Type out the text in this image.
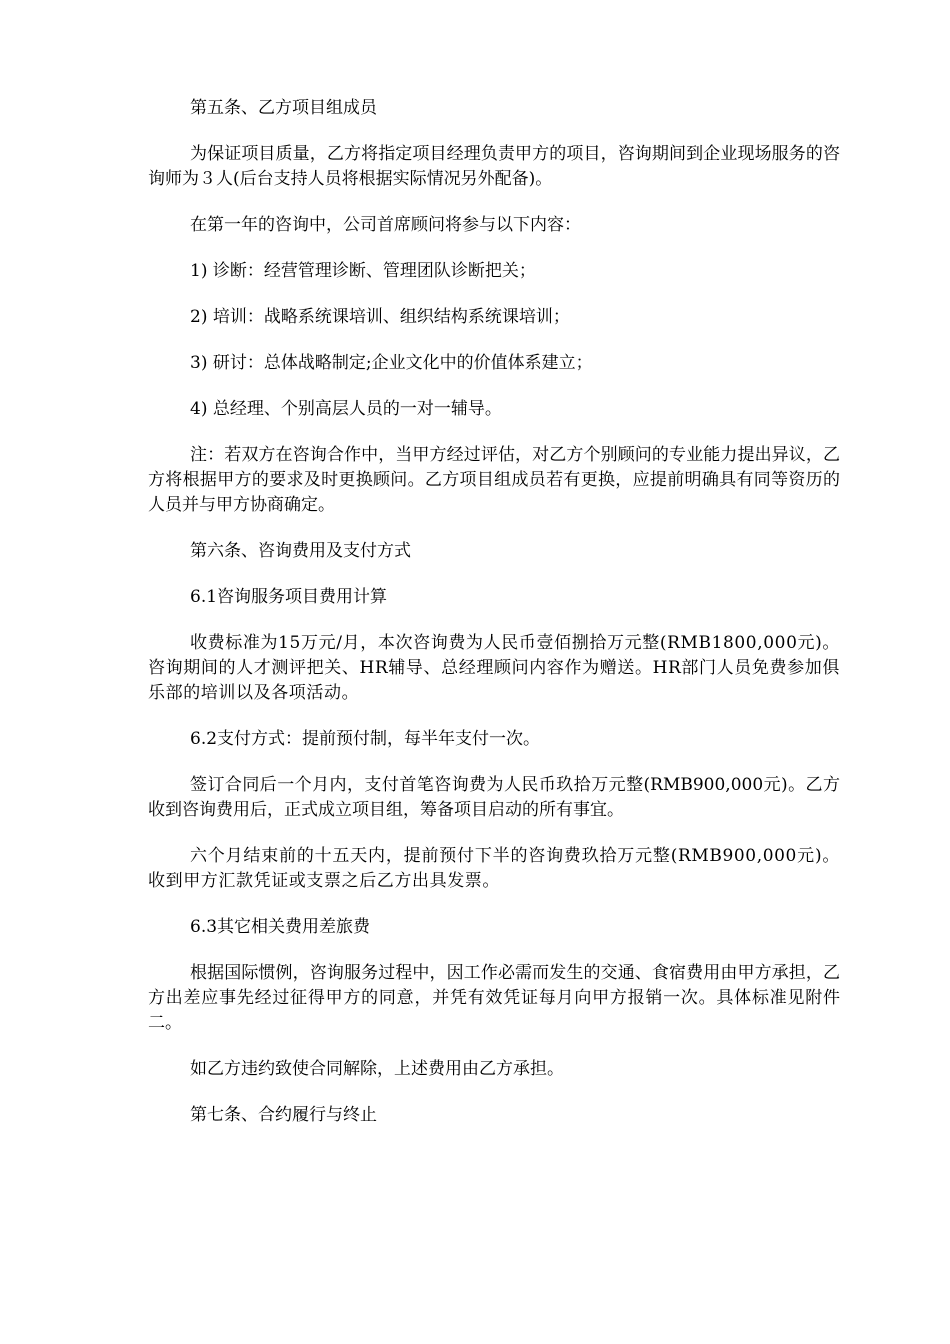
第五条、乙方项目组成员

为保证项目质量，乙方将指定项目经理负责甲方的项目，咨询期间到企业现场服务的咨询师为３人(后台支持人员将根据实际情况另外配备)。

在第一年的咨询中，公司首席顾问将参与以下内容：

1) 诊断：经营管理诊断、管理团队诊断把关；

2) 培训：战略系统课培训、组织结构系统课培训；

3) 研讨：总体战略制定;企业文化中的价值体系建立；

4) 总经理、个别高层人员的一对一辅导。

注：若双方在咨询合作中，当甲方经过评估，对乙方个别顾问的专业能力提出异议，乙方将根据甲方的要求及时更换顾问。乙方项目组成员若有更换，应提前明确具有同等资历的人员并与甲方协商确定。

第六条、咨询费用及支付方式

6.1咨询服务项目费用计算

收费标准为15万元/月，本次咨询费为人民币壹佰捌拾万元整(RMB1800,000元)。咨询期间的人才测评把关、HR辅导、总经理顾问内容作为赠送。HR部门人员免费参加俱乐部的培训以及各项活动。

6.2支付方式：提前预付制，每半年支付一次。

签订合同后一个月内，支付首笔咨询费为人民币玖拾万元整(RMB900,000元)。乙方收到咨询费用后，正式成立项目组，筹备项目启动的所有事宜。

六个月结束前的十五天内，提前预付下半的咨询费玖拾万元整(RMB900,000元)。收到甲方汇款凭证或支票之后乙方出具发票。

6.3其它相关费用差旅费

根据国际惯例，咨询服务过程中，因工作必需而发生的交通、食宿费用由甲方承担，乙方出差应事先经过征得甲方的同意，并凭有效凭证每月向甲方报销一次。具体标准见附件二。

如乙方违约致使合同解除，上述费用由乙方承担。

第七条、合约履行与终止
